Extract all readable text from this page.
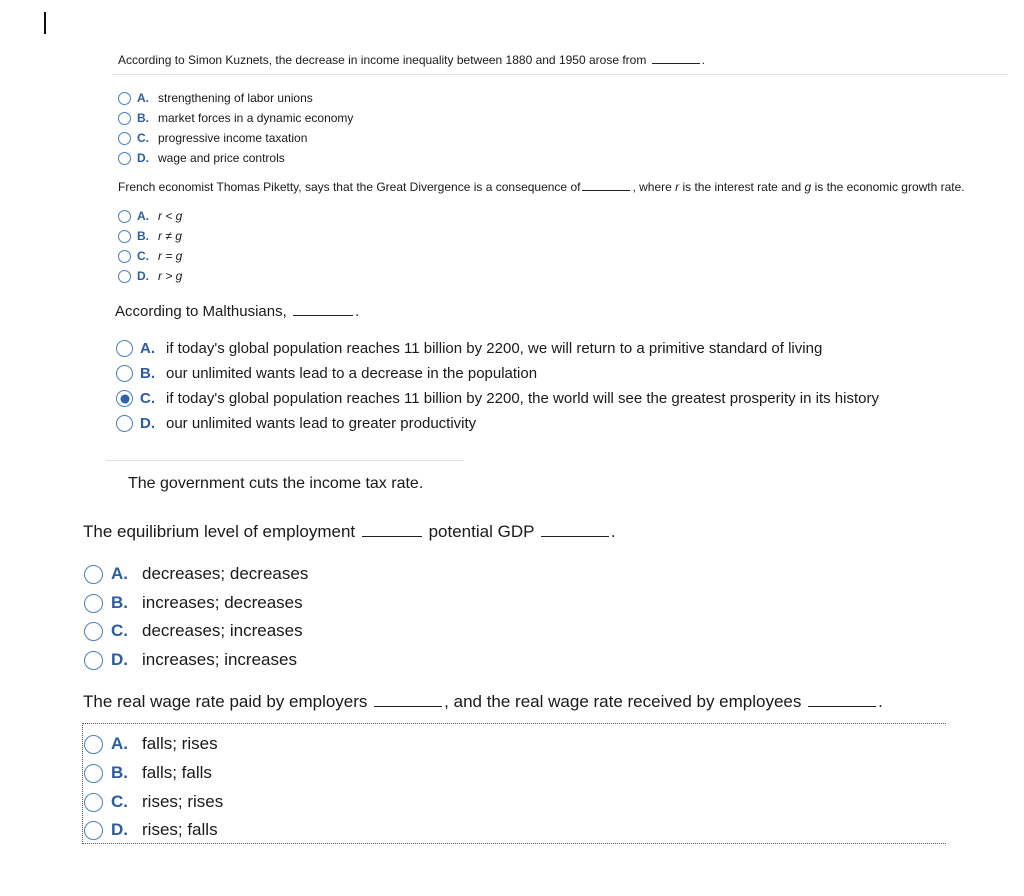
According to Simon Kuznets, the decrease in income inequality between 1880 and 1950 arose from	.

A. strengthening of labor unions
B. market forces in a dynamic economy
C. progressive income taxation
D. wage and price controls

French economist Thomas Piketty, says that the Great Divergence is a consequence of	, where r is the interest rate and g is the economic growth rate.

A. r < g
B. r ≠ g
C. r = g
D. r > g

According to Malthusians,	.

A. if today's global population reaches 11 billion by 2200, we will return to a primitive standard of living
B. our unlimited wants lead to a decrease in the population
C. if today's global population reaches 11 billion by 2200, the world will see the greatest prosperity in its history
D. our unlimited wants lead to greater productivity

The government cuts the income tax rate.

The equilibrium level of employment	potential GDP	.

A. decreases; decreases
B. increases; decreases
C. decreases; increases
D. increases; increases

The real wage rate paid by employers	, and the real wage rate received by employees	.

A. falls; rises
B. falls; falls
C. rises; rises
D. rises; falls
